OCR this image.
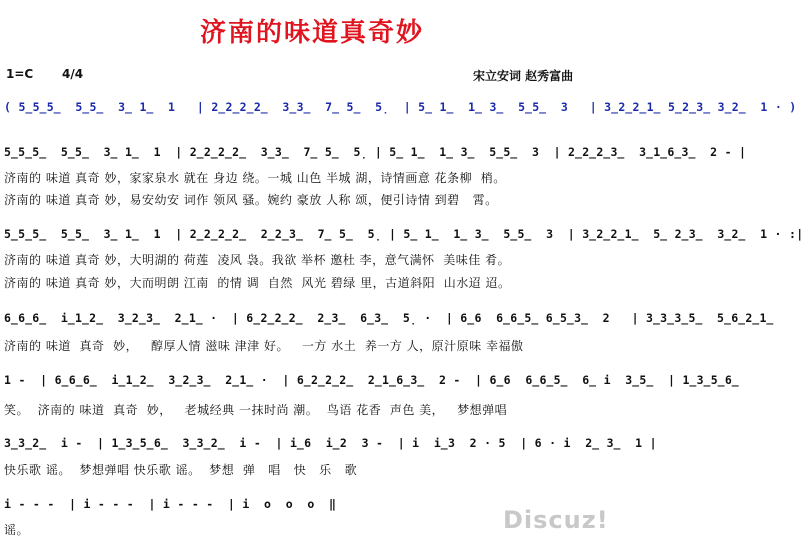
济南的味道真奇妙
1=C 4/4	宋立安词 赵秀富曲
( 5̲5̲5̲  5̲5̲  3̲ 1̲  1   | 2̲2̲2̲2̲  3̲3̲  7̲ 5̲  5̣  | 5̲ 1̲  1̲ 3̲  5̲5̲  3   | 3̲2̲2̲1̲ 5̲2̲3̲ 3̲2̲  1 · )
5̲5̲5̲  5̲5̲  3̲ 1̲  1  | 2̲2̲2̲2̲  3̲3̲  7̲ 5̲  5̣ | 5̲ 1̲  1̲ 3̲  5̲5̲  3  | 2̲2̲2̲3̲  3̲1̲6̲3̲  2 - |
济南的 味道 真奇 妙，家家泉水 就在 身边 绕。一城 山色 半城 湖，诗情画意 花条柳  梢。
济南的 味道 真奇 妙，易安幼安 词作 领风 骚。婉约 豪放 人称 颂，便引诗情 到碧   霄。
5̲5̲5̲  5̲5̲  3̲ 1̲  1  | 2̲2̲2̲2̲  2̲2̲3̲  7̲ 5̲  5̣ | 5̲ 1̲  1̲ 3̲  5̲5̲  3  | 3̲2̲2̲1̲  5̲ 2̲3̲  3̲2̲  1 · :|
济南的 味道 真奇 妙，大明湖的 荷莲  凌风 袅。我欲 举杯 邀杜 李，意气满怀  美味佳 肴。
济南的 味道 真奇 妙，大而明朗 江南  的情 调  自然  风光 碧绿 里，古道斜阳  山水迢 迢。
6̲6̲6̲  i̲1̲2̲  3̲2̲3̲  2̲1̲ ·  | 6̲2̲2̲2̲  2̲3̲  6̲3̲  5̣ ·  | 6̲6  6̲6̲5̲ 6̲5̲3̲  2   | 3̲3̲3̲5̲  5̲6̲2̲1̲
济南的 味道  真奇  妙，   醇厚人情 滋味 津津 好。   一方 水土  养一方 人，原汁原味 幸福傲
1 -  | 6̲6̲6̲  i̲1̲2̲  3̲2̲3̲  2̲1̲ ·  | 6̲2̲2̲2̲  2̲1̲6̲3̲  2 -  | 6̲6  6̲6̲5̲  6̲ i  3̲5̲  | 1̲3̲5̲6̲
笑。  济南的 味道  真奇  妙，   老城经典 一抹时尚 潮。  鸟语 花香  声色 美，   梦想弹唱
3̲3̲2̲  i -  | 1̲3̲5̲6̲  3̲3̲2̲  i -  | i̲6  i̲2  3 -  | i  i̲3  2 · 5  | 6 · i  2̲ 3̲  1 |
快乐歌 谣。  梦想弹唱 快乐歌 谣。  梦想  弹   唱   快   乐   歌
i - - -  | i - - -  | i - - -  | i  o  o  o  ‖
谣。	Discuz!
